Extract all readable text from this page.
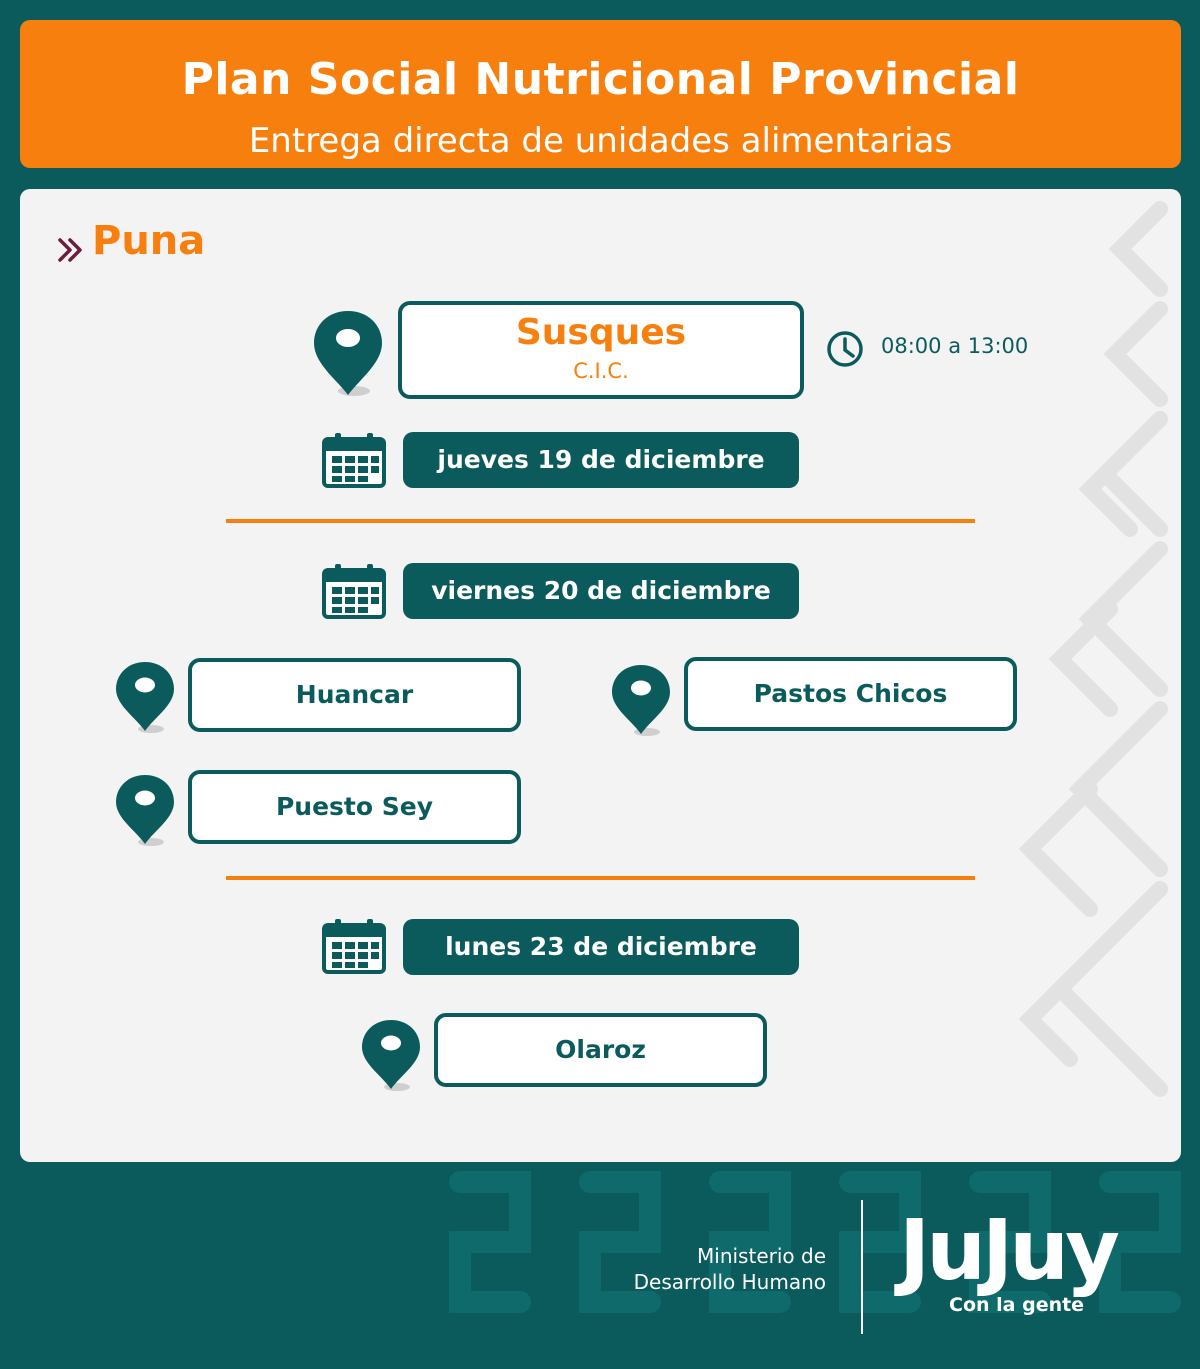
Plan Social Nutricional Provincial
Entrega directa de unidades alimentarias
Puna
Susques
C.I.C.
08:00 a 13:00
jueves 19 de diciembre
viernes 20 de diciembre
Huancar	Pastos Chicos
Puesto Sey
lunes 23 de diciembre
Olaroz
Ministerio de
Desarrollo Humano JuJuy
Con la gente
